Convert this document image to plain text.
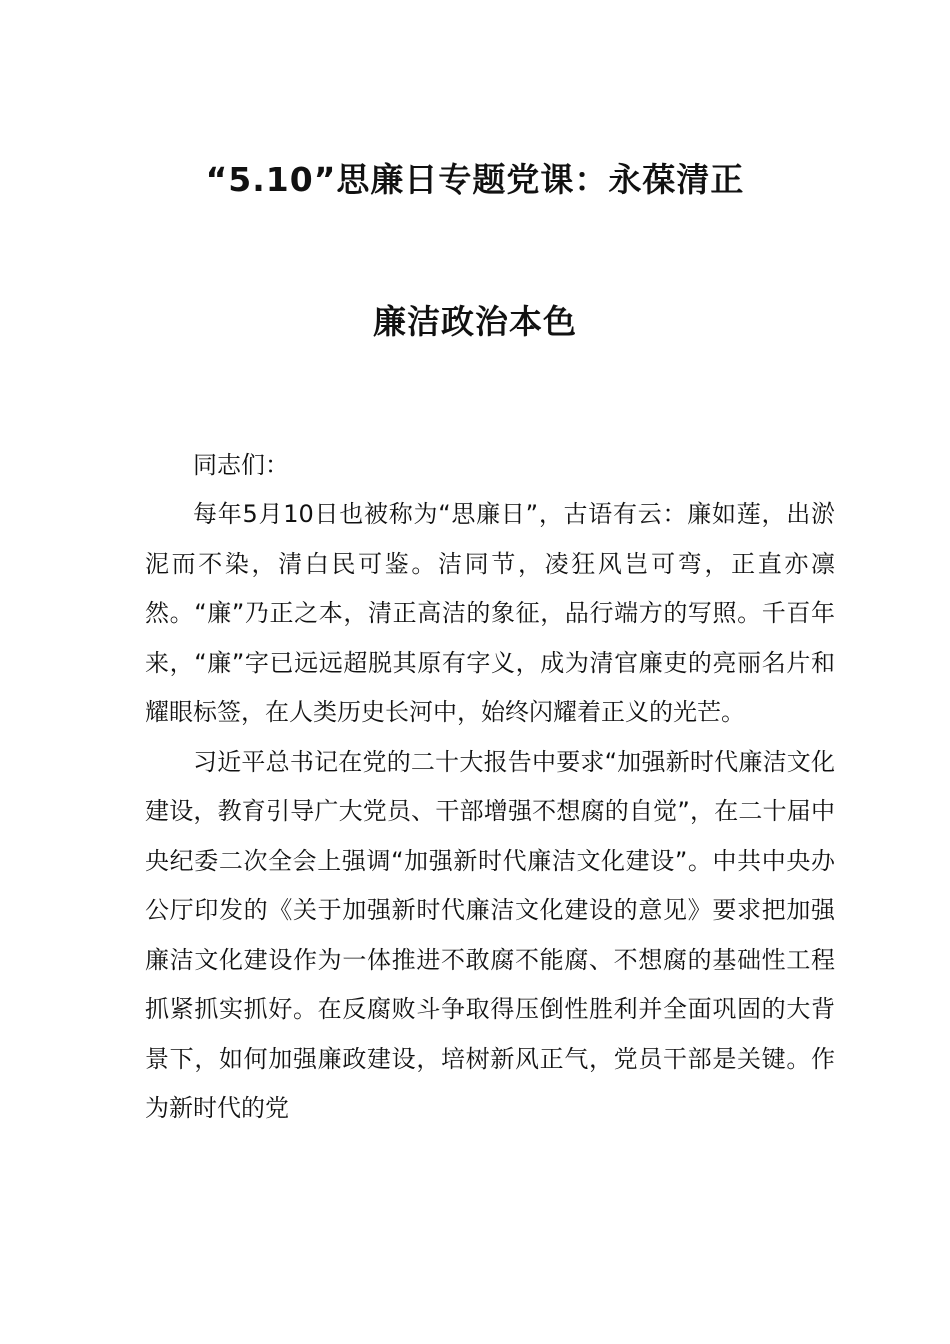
“5.10”思廉日专题党课：永葆清正
廉洁政治本色

同志们：

每年5月10日也被称为“思廉日”，古语有云：廉如莲，出淤泥而不染，清白民可鉴。洁同节，凌狂风岂可弯，正直亦凛然。“廉”乃正之本，清正高洁的象征，品行端方的写照。千百年来，“廉”字已远远超脱其原有字义，成为清官廉吏的亮丽名片和耀眼标签，在人类历史长河中，始终闪耀着正义的光芒。

习近平总书记在党的二十大报告中要求“加强新时代廉洁文化建设，教育引导广大党员、干部增强不想腐的自觉”，在二十届中央纪委二次全会上强调“加强新时代廉洁文化建设”。中共中央办公厅印发的《关于加强新时代廉洁文化建设的意见》要求把加强廉洁文化建设作为一体推进不敢腐不能腐、不想腐的基础性工程抓紧抓实抓好。在反腐败斗争取得压倒性胜利并全面巩固的大背景下，如何加强廉政建设，培树新风正气，党员干部是关键。作为新时代的党
